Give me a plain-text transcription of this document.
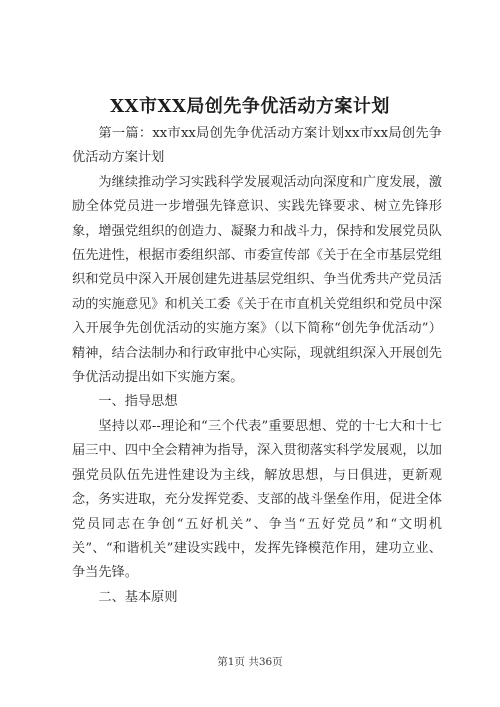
XX市XX局创先争优活动方案计划

第一篇：xx市xx局创先争优活动方案计划xx市xx局创先争优活动方案计划

为继续推动学习实践科学发展观活动向深度和广度发展，激励全体党员进一步增强先锋意识、实践先锋要求、树立先锋形象，增强党组织的创造力、凝聚力和战斗力，保持和发展党员队伍先进性，根据市委组织部、市委宣传部《关于在全市基层党组织和党员中深入开展创建先进基层党组织、争当优秀共产党员活动的实施意见》和机关工委《关于在市直机关党组织和党员中深入开展争先创优活动的实施方案》（以下简称“创先争优活动”）精神，结合法制办和行政审批中心实际，现就组织深入开展创先争优活动提出如下实施方案。

一、指导思想

坚持以邓--理论和“三个代表”重要思想、党的十七大和十七届三中、四中全会精神为指导，深入贯彻落实科学发展观，以加强党员队伍先进性建设为主线，解放思想，与日俱进，更新观念，务实进取，充分发挥党委、支部的战斗堡垒作用，促进全体党员同志在争创“五好机关”、争当“五好党员”和“文明机关”、“和谐机关”建设实践中，发挥先锋模范作用，建功立业、争当先锋。

二、基本原则

第1页 共36页
